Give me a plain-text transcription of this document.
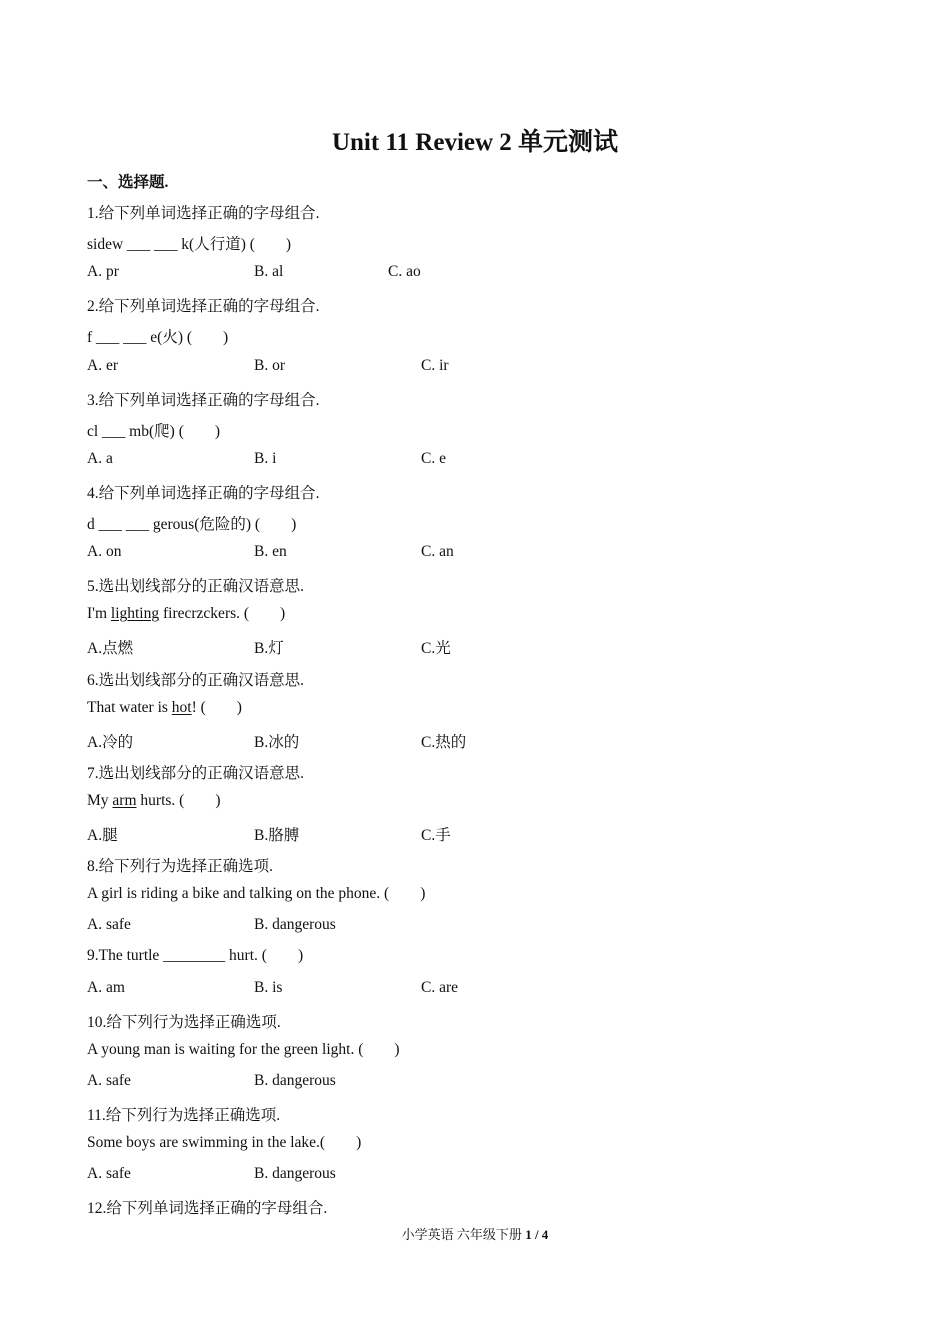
Unit 11 Review 2 单元测试
一、选择题.
1.给下列单词选择正确的字母组合.
sidew ___ ___ k(人行道) (        )
A. pr	B. al	C. ao
2.给下列单词选择正确的字母组合.
f ___ ___ e(火) (        )
A. er	B. or	C. ir
3.给下列单词选择正确的字母组合.
cl ___ mb(爬) (        )
A. a	B. i	C. e
4.给下列单词选择正确的字母组合.
d ___ ___ gerous(危险的) (        )
A. on	B. en	C. an
5.选出划线部分的正确汉语意思.
I'm lighting firecrzckers. (        )
A.点燃	B.灯	C.光
6.选出划线部分的正确汉语意思.
That water is hot! (        )
A.冷的	B.冰的	C.热的
7.选出划线部分的正确汉语意思.
My arm hurts. (        )
A.腿	B.胳膊	C.手
8.给下列行为选择正确选项.
A girl is riding a bike and talking on the phone. (        )
A. safe	B. dangerous
9.The turtle ________ hurt. (        )
A. am	B. is	C. are
10.给下列行为选择正确选项.
A young man is waiting for the green light. (        )
A. safe	B. dangerous
11.给下列行为选择正确选项.
Some boys are swimming in the lake.(        )
A. safe	B. dangerous
12.给下列单词选择正确的字母组合.
小学英语 六年级下册 1 / 4
